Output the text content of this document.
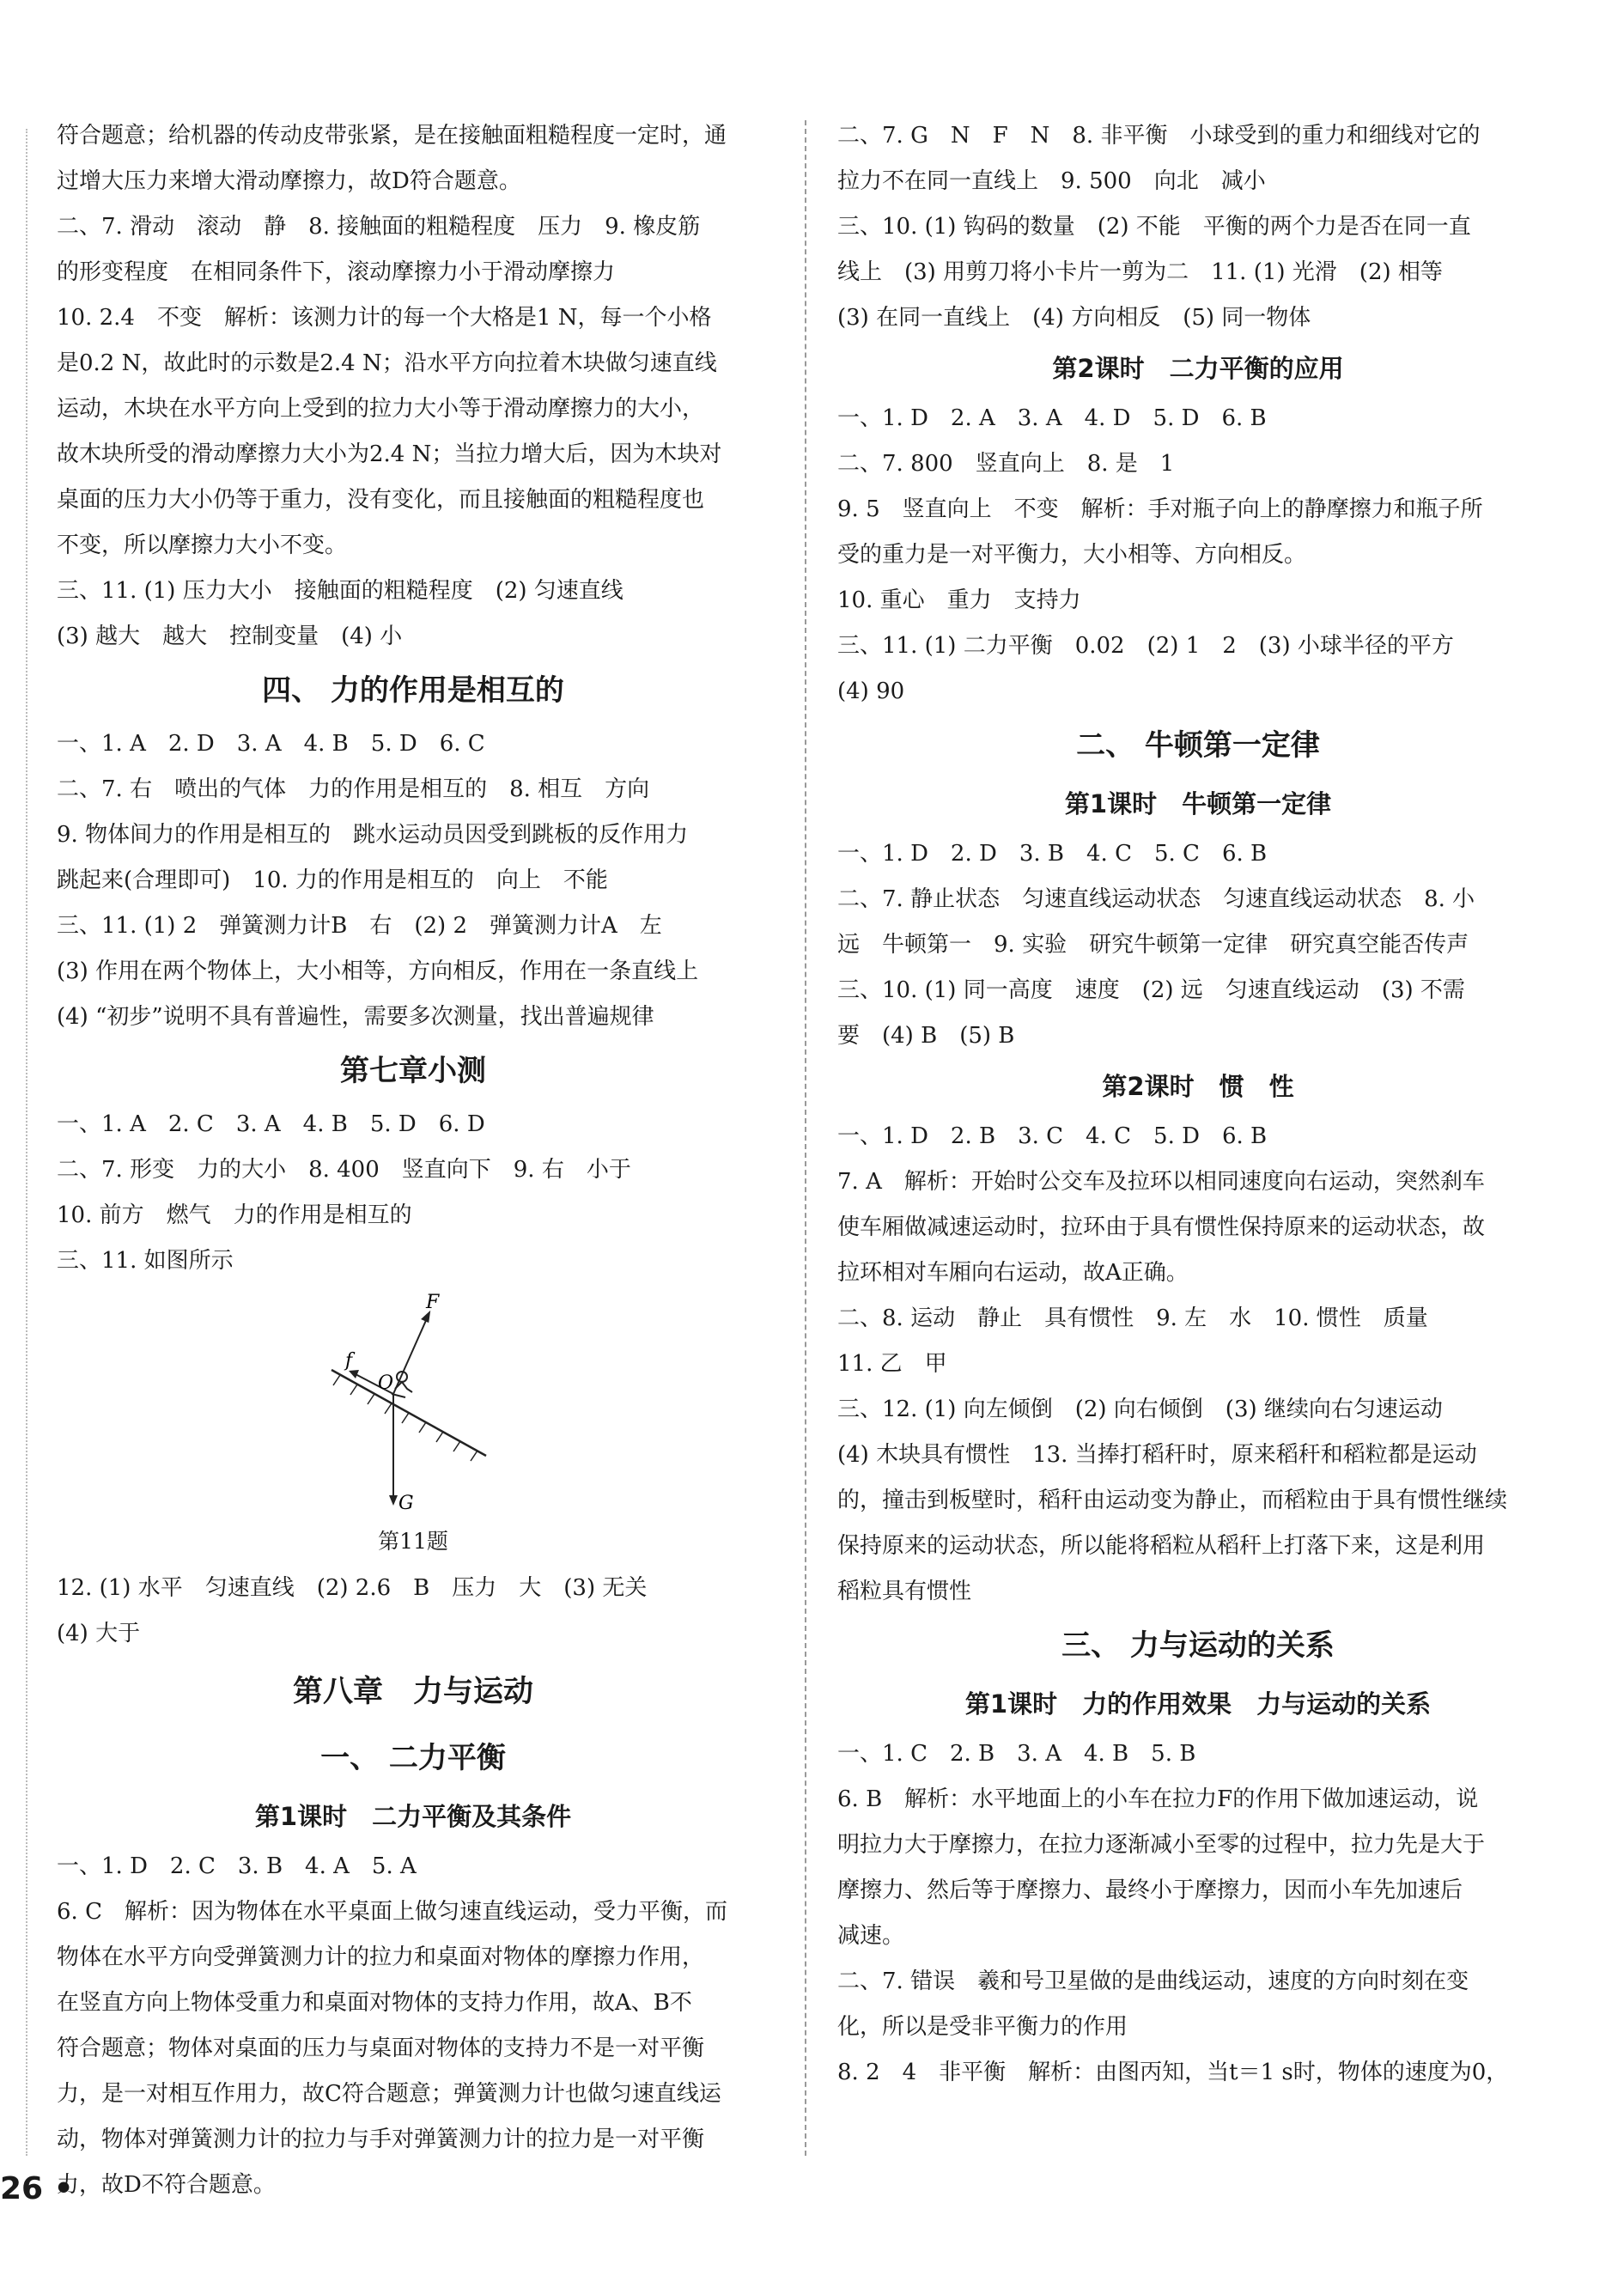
符合题意；给机器的传动皮带张紧，是在接触面粗糙程度一定时，通
过增大压力来增大滑动摩擦力，故D符合题意。
二、7. 滑动　滚动　静　8. 接触面的粗糙程度　压力　9. 橡皮筋
的形变程度　在相同条件下，滚动摩擦力小于滑动摩擦力
10. 2.4　不变　解析：该测力计的每一个大格是1 N，每一个小格
是0.2 N，故此时的示数是2.4 N；沿水平方向拉着木块做匀速直线
运动，木块在水平方向上受到的拉力大小等于滑动摩擦力的大小，
故木块所受的滑动摩擦力大小为2.4 N；当拉力增大后，因为木块对
桌面的压力大小仍等于重力，没有变化，而且接触面的粗糙程度也
不变，所以摩擦力大小不变。
三、11. (1) 压力大小　接触面的粗糙程度　(2) 匀速直线
(3) 越大　越大　控制变量　(4) 小
四、 力的作用是相互的
一、1. A　2. D　3. A　4. B　5. D　6. C
二、7. 右　喷出的气体　力的作用是相互的　8. 相互　方向
9. 物体间力的作用是相互的　跳水运动员因受到跳板的反作用力
跳起来(合理即可)　10. 力的作用是相互的　向上　不能
三、11. (1) 2　弹簧测力计B　右　(2) 2　弹簧测力计A　左
(3) 作用在两个物体上，大小相等，方向相反，作用在一条直线上
(4) “初步”说明不具有普遍性，需要多次测量，找出普遍规律
第七章小测
一、1. A　2. C　3. A　4. B　5. D　6. D
二、7. 形变　力的大小　8. 400　竖直向下　9. 右　小于
10. 前方　燃气　力的作用是相互的
三、11. 如图所示
F
f
O
G
第11题
12. (1) 水平　匀速直线　(2) 2.6　B　压力　大　(3) 无关
(4) 大于
第八章　力与运动
一、 二力平衡
第1课时　二力平衡及其条件
一、1. D　2. C　3. B　4. A　5. A
6. C　解析：因为物体在水平桌面上做匀速直线运动，受力平衡，而
物体在水平方向受弹簧测力计的拉力和桌面对物体的摩擦力作用，
在竖直方向上物体受重力和桌面对物体的支持力作用，故A、B不
符合题意；物体对桌面的压力与桌面对物体的支持力不是一对平衡
力，是一对相互作用力，故C符合题意；弹簧测力计也做匀速直线运
动，物体对弹簧测力计的拉力与手对弹簧测力计的拉力是一对平衡
力，故D不符合题意。
二、7. G　N　F　N　8. 非平衡　小球受到的重力和细线对它的
拉力不在同一直线上　9. 500　向北　减小
三、10. (1) 钩码的数量　(2) 不能　平衡的两个力是否在同一直
线上　(3) 用剪刀将小卡片一剪为二　11. (1) 光滑　(2) 相等
(3) 在同一直线上　(4) 方向相反　(5) 同一物体
第2课时　二力平衡的应用
一、1. D　2. A　3. A　4. D　5. D　6. B
二、7. 800　竖直向上　8. 是　1
9. 5　竖直向上　不变　解析：手对瓶子向上的静摩擦力和瓶子所
受的重力是一对平衡力，大小相等、方向相反。
10. 重心　重力　支持力
三、11. (1) 二力平衡　0.02　(2) 1　2　(3) 小球半径的平方
(4) 90
二、 牛顿第一定律
第1课时　牛顿第一定律
一、1. D　2. D　3. B　4. C　5. C　6. B
二、7. 静止状态　匀速直线运动状态　匀速直线运动状态　8. 小
远　牛顿第一　9. 实验　研究牛顿第一定律　研究真空能否传声
三、10. (1) 同一高度　速度　(2) 远　匀速直线运动　(3) 不需
要　(4) B　(5) B
第2课时　惯　性
一、1. D　2. B　3. C　4. C　5. D　6. B
7. A　解析：开始时公交车及拉环以相同速度向右运动，突然刹车
使车厢做减速运动时，拉环由于具有惯性保持原来的运动状态，故
拉环相对车厢向右运动，故A正确。
二、8. 运动　静止　具有惯性　9. 左　水　10. 惯性　质量
11. 乙　甲
三、12. (1) 向左倾倒　(2) 向右倾倒　(3) 继续向右匀速运动
(4) 木块具有惯性　13. 当捧打稻秆时，原来稻秆和稻粒都是运动
的，撞击到板壁时，稻秆由运动变为静止，而稻粒由于具有惯性继续
保持原来的运动状态，所以能将稻粒从稻秆上打落下来，这是利用
稻粒具有惯性
三、 力与运动的关系
第1课时　力的作用效果　力与运动的关系
一、1. C　2. B　3. A　4. B　5. B
6. B　解析：水平地面上的小车在拉力F的作用下做加速运动，说
明拉力大于摩擦力，在拉力逐渐减小至零的过程中，拉力先是大于
摩擦力、然后等于摩擦力、最终小于摩擦力，因而小车先加速后
减速。
二、7. 错误　羲和号卫星做的是曲线运动，速度的方向时刻在变
化，所以是受非平衡力的作用
8. 2　4　非平衡　解析：由图丙知，当t＝1 s时，物体的速度为0，
26 •
